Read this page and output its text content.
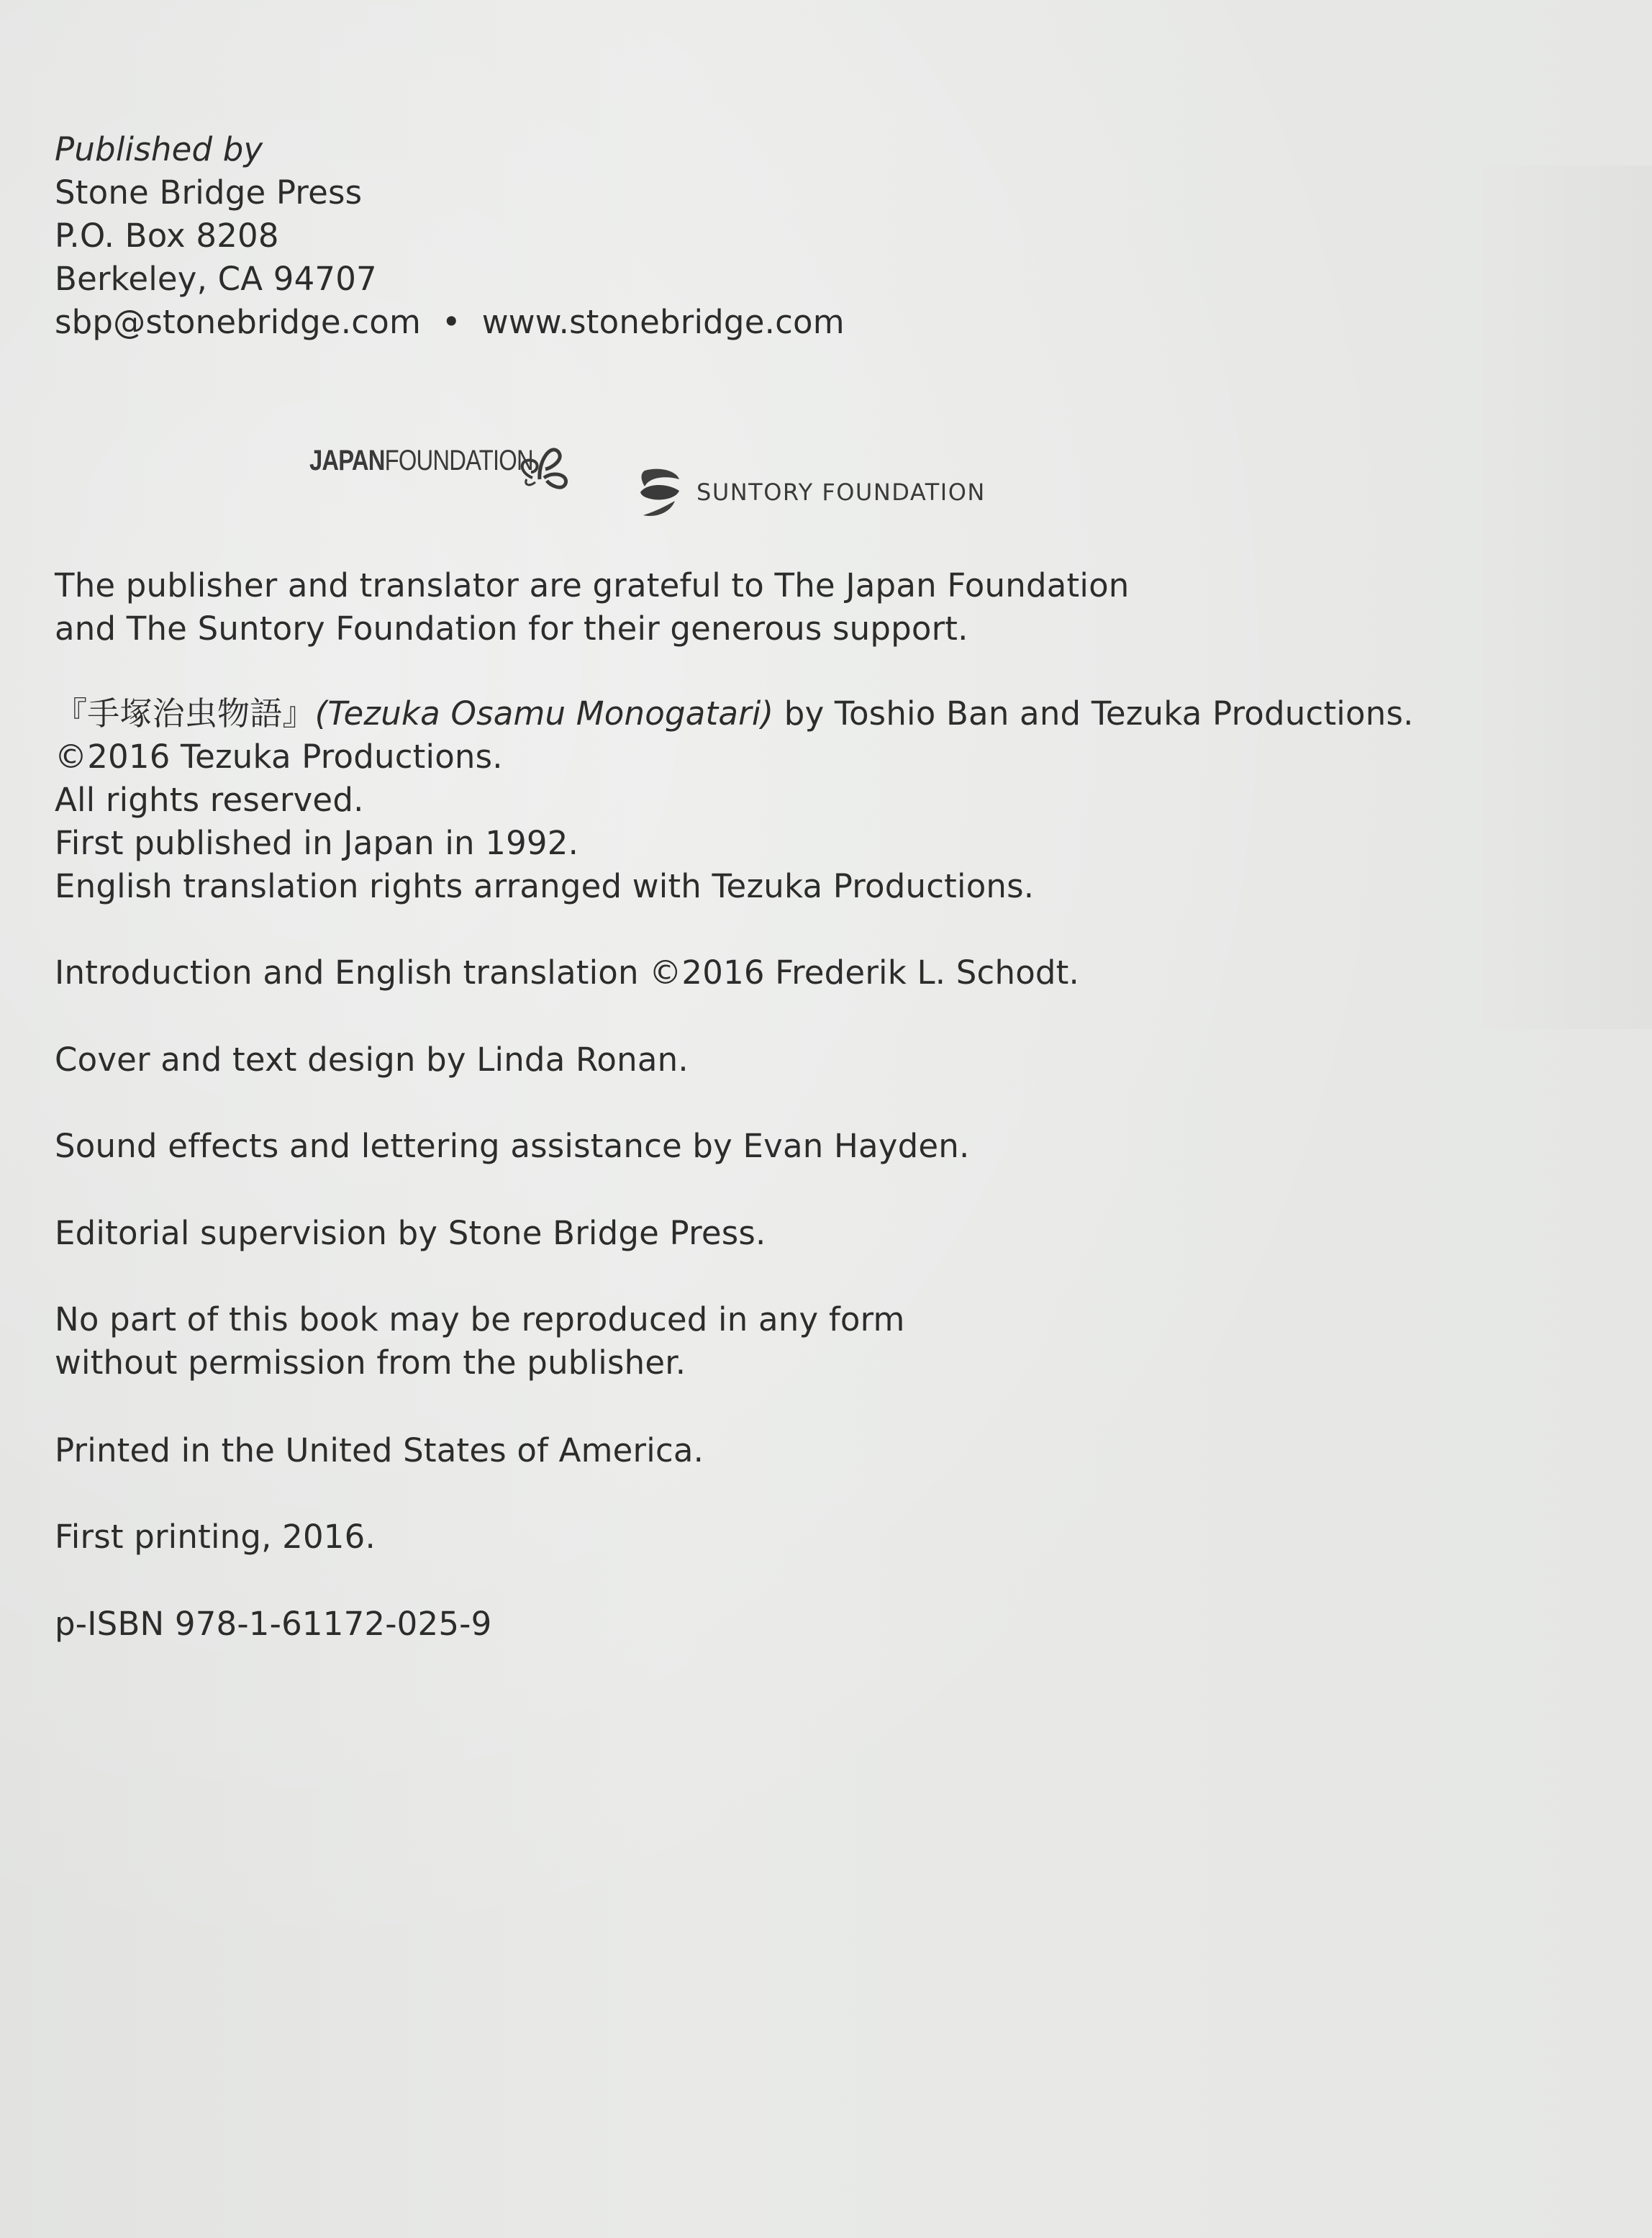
Published by
Stone Bridge Press
P.O. Box 8208
Berkeley, CA 94707
sbp@stonebridge.com • www.stonebridge.com
JAPANFOUNDATION
SUNTORY FOUNDATION
The publisher and translator are grateful to The Japan Foundation
and The Suntory Foundation for their generous support.
『手塚治虫物語』(Tezuka Osamu Monogatari) by Toshio Ban and Tezuka Productions.
©2016 Tezuka Productions.
All rights reserved.
First published in Japan in 1992.
English translation rights arranged with Tezuka Productions.
Introduction and English translation ©2016 Frederik L. Schodt.
Cover and text design by Linda Ronan.
Sound effects and lettering assistance by Evan Hayden.
Editorial supervision by Stone Bridge Press.
No part of this book may be reproduced in any form
without permission from the publisher.
Printed in the United States of America.
First printing, 2016.
p-ISBN 978-1-61172-025-9
